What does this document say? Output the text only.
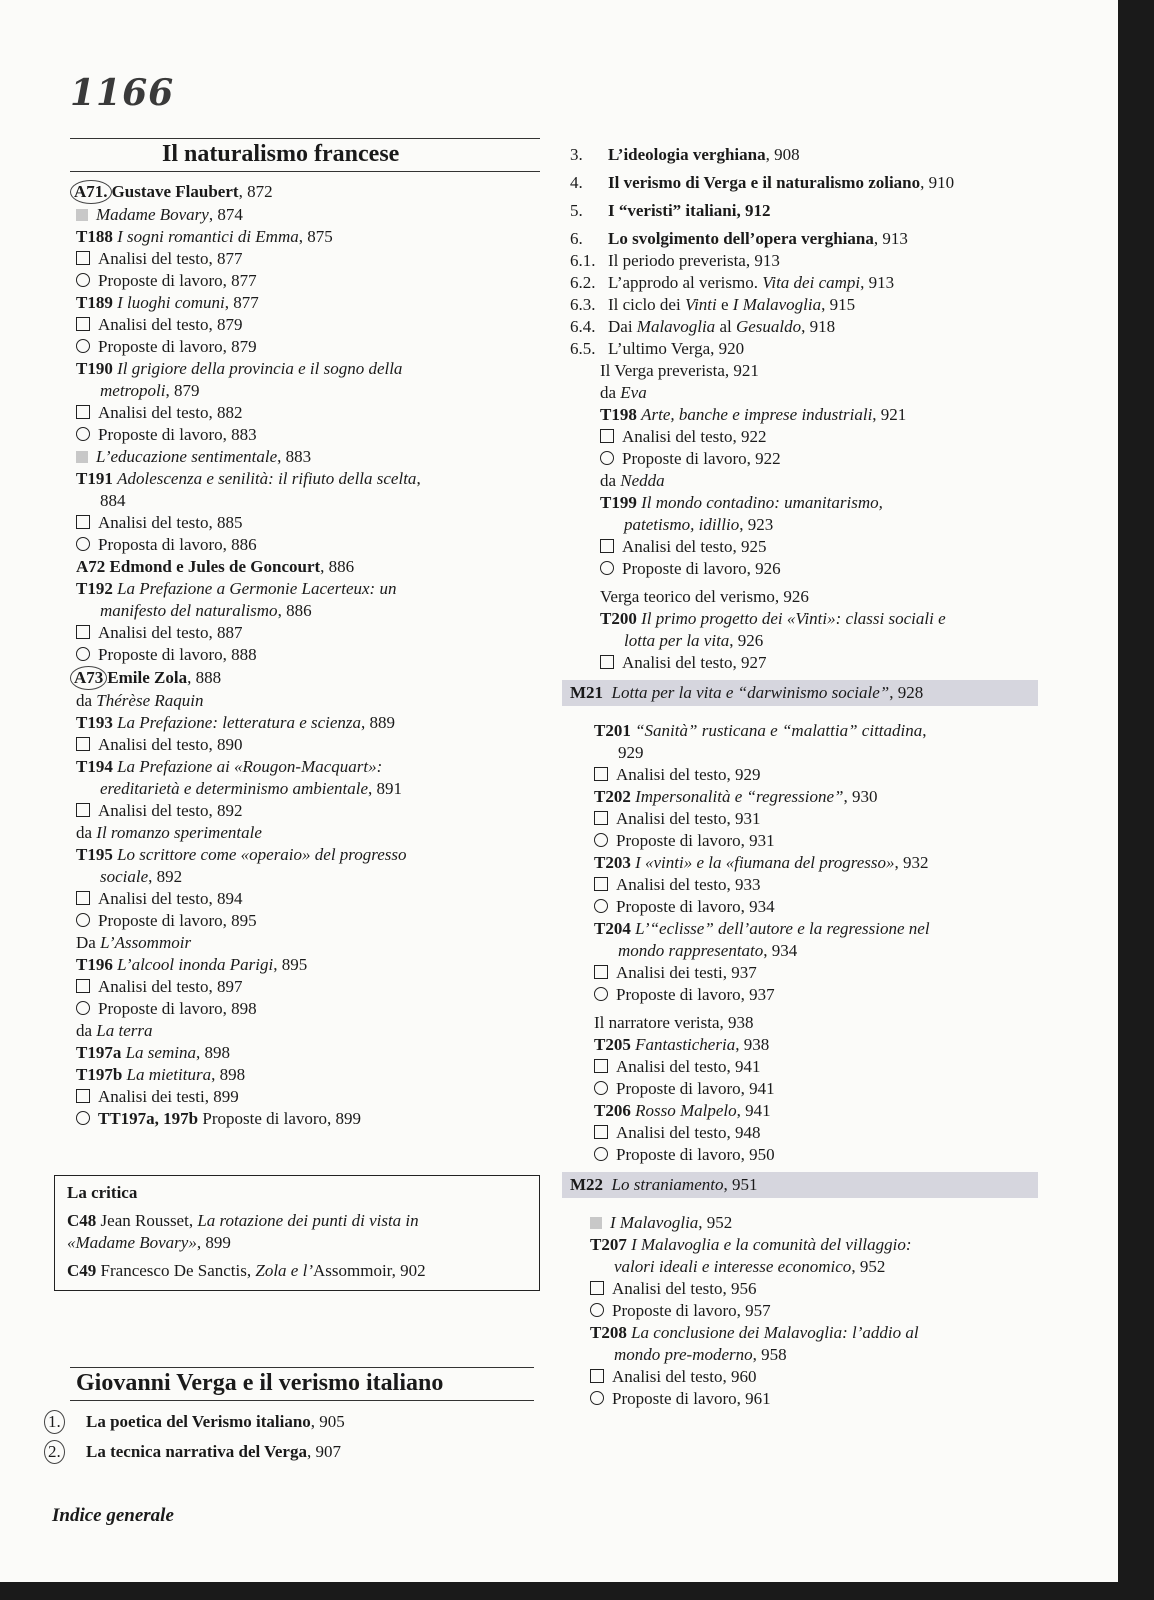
1166
Il naturalismo francese
A71. Gustave Flaubert, 872
Madame Bovary, 874
T188 I sogni romantici di Emma, 875
Analisi del testo, 877
Proposte di lavoro, 877
T189 I luoghi comuni, 877
Analisi del testo, 879
Proposte di lavoro, 879
T190 Il grigiore della provincia e il sogno della
metropoli, 879
Analisi del testo, 882
Proposte di lavoro, 883
L’educazione sentimentale, 883
T191 Adolescenza e senilità: il rifiuto della scelta,
884
Analisi del testo, 885
Proposta di lavoro, 886
A72 Edmond e Jules de Goncourt, 886
T192 La Prefazione a Germonie Lacerteux: un
manifesto del naturalismo, 886
Analisi del testo, 887
Proposte di lavoro, 888
A73 Emile Zola, 888
da Thérèse Raquin
T193 La Prefazione: letteratura e scienza, 889
Analisi del testo, 890
T194 La Prefazione ai «Rougon-Macquart»:
ereditarietà e determinismo ambientale, 891
Analisi del testo, 892
da Il romanzo sperimentale
T195 Lo scrittore come «operaio» del progresso
sociale, 892
Analisi del testo, 894
Proposte di lavoro, 895
Da L’Assommoir
T196 L’alcool inonda Parigi, 895
Analisi del testo, 897
Proposte di lavoro, 898
da La terra
T197a La semina, 898
T197b La mietitura, 898
Analisi dei testi, 899
TT197a, 197b Proposte di lavoro, 899
La critica
C48 Jean Rousset, La rotazione dei punti di vista in
«Madame Bovary», 899
C49 Francesco De Sanctis, Zola e l’Assommoir, 902
Giovanni Verga e il verismo italiano
1. La poetica del Verismo italiano, 905
2. La tecnica narrativa del Verga, 907
3. L’ideologia verghiana, 908
4. Il verismo di Verga e il naturalismo zoliano, 910
5. I “veristi” italiani, 912
6. Lo svolgimento dell’opera verghiana, 913
6.1. Il periodo preverista, 913
6.2. L’approdo al verismo. Vita dei campi, 913
6.3. Il ciclo dei Vinti e I Malavoglia, 915
6.4. Dai Malavoglia al Gesualdo, 918
6.5. L’ultimo Verga, 920
Il Verga preverista, 921
da Eva
T198 Arte, banche e imprese industriali, 921
Analisi del testo, 922
Proposte di lavoro, 922
da Nedda
T199 Il mondo contadino: umanitarismo,
patetismo, idillio, 923
Analisi del testo, 925
Proposte di lavoro, 926
Verga teorico del verismo, 926
T200 Il primo progetto dei «Vinti»: classi sociali e
lotta per la vita, 926
Analisi del testo, 927
M21 Lotta per la vita e “darwinismo sociale”, 928
T201 “Sanità” rusticana e “malattia” cittadina,
929
Analisi del testo, 929
T202 Impersonalità e “regressione”, 930
Analisi del testo, 931
Proposte di lavoro, 931
T203 I «vinti» e la «fiumana del progresso», 932
Analisi del testo, 933
Proposte di lavoro, 934
T204 L’“eclisse” dell’autore e la regressione nel
mondo rappresentato, 934
Analisi dei testi, 937
Proposte di lavoro, 937
Il narratore verista, 938
T205 Fantasticheria, 938
Analisi del testo, 941
Proposte di lavoro, 941
T206 Rosso Malpelo, 941
Analisi del testo, 948
Proposte di lavoro, 950
M22 Lo straniamento, 951
I Malavoglia, 952
T207 I Malavoglia e la comunità del villaggio:
valori ideali e interesse economico, 952
Analisi del testo, 956
Proposte di lavoro, 957
T208 La conclusione dei Malavoglia: l’addio al
mondo pre-moderno, 958
Analisi del testo, 960
Proposte di lavoro, 961
Indice generale
